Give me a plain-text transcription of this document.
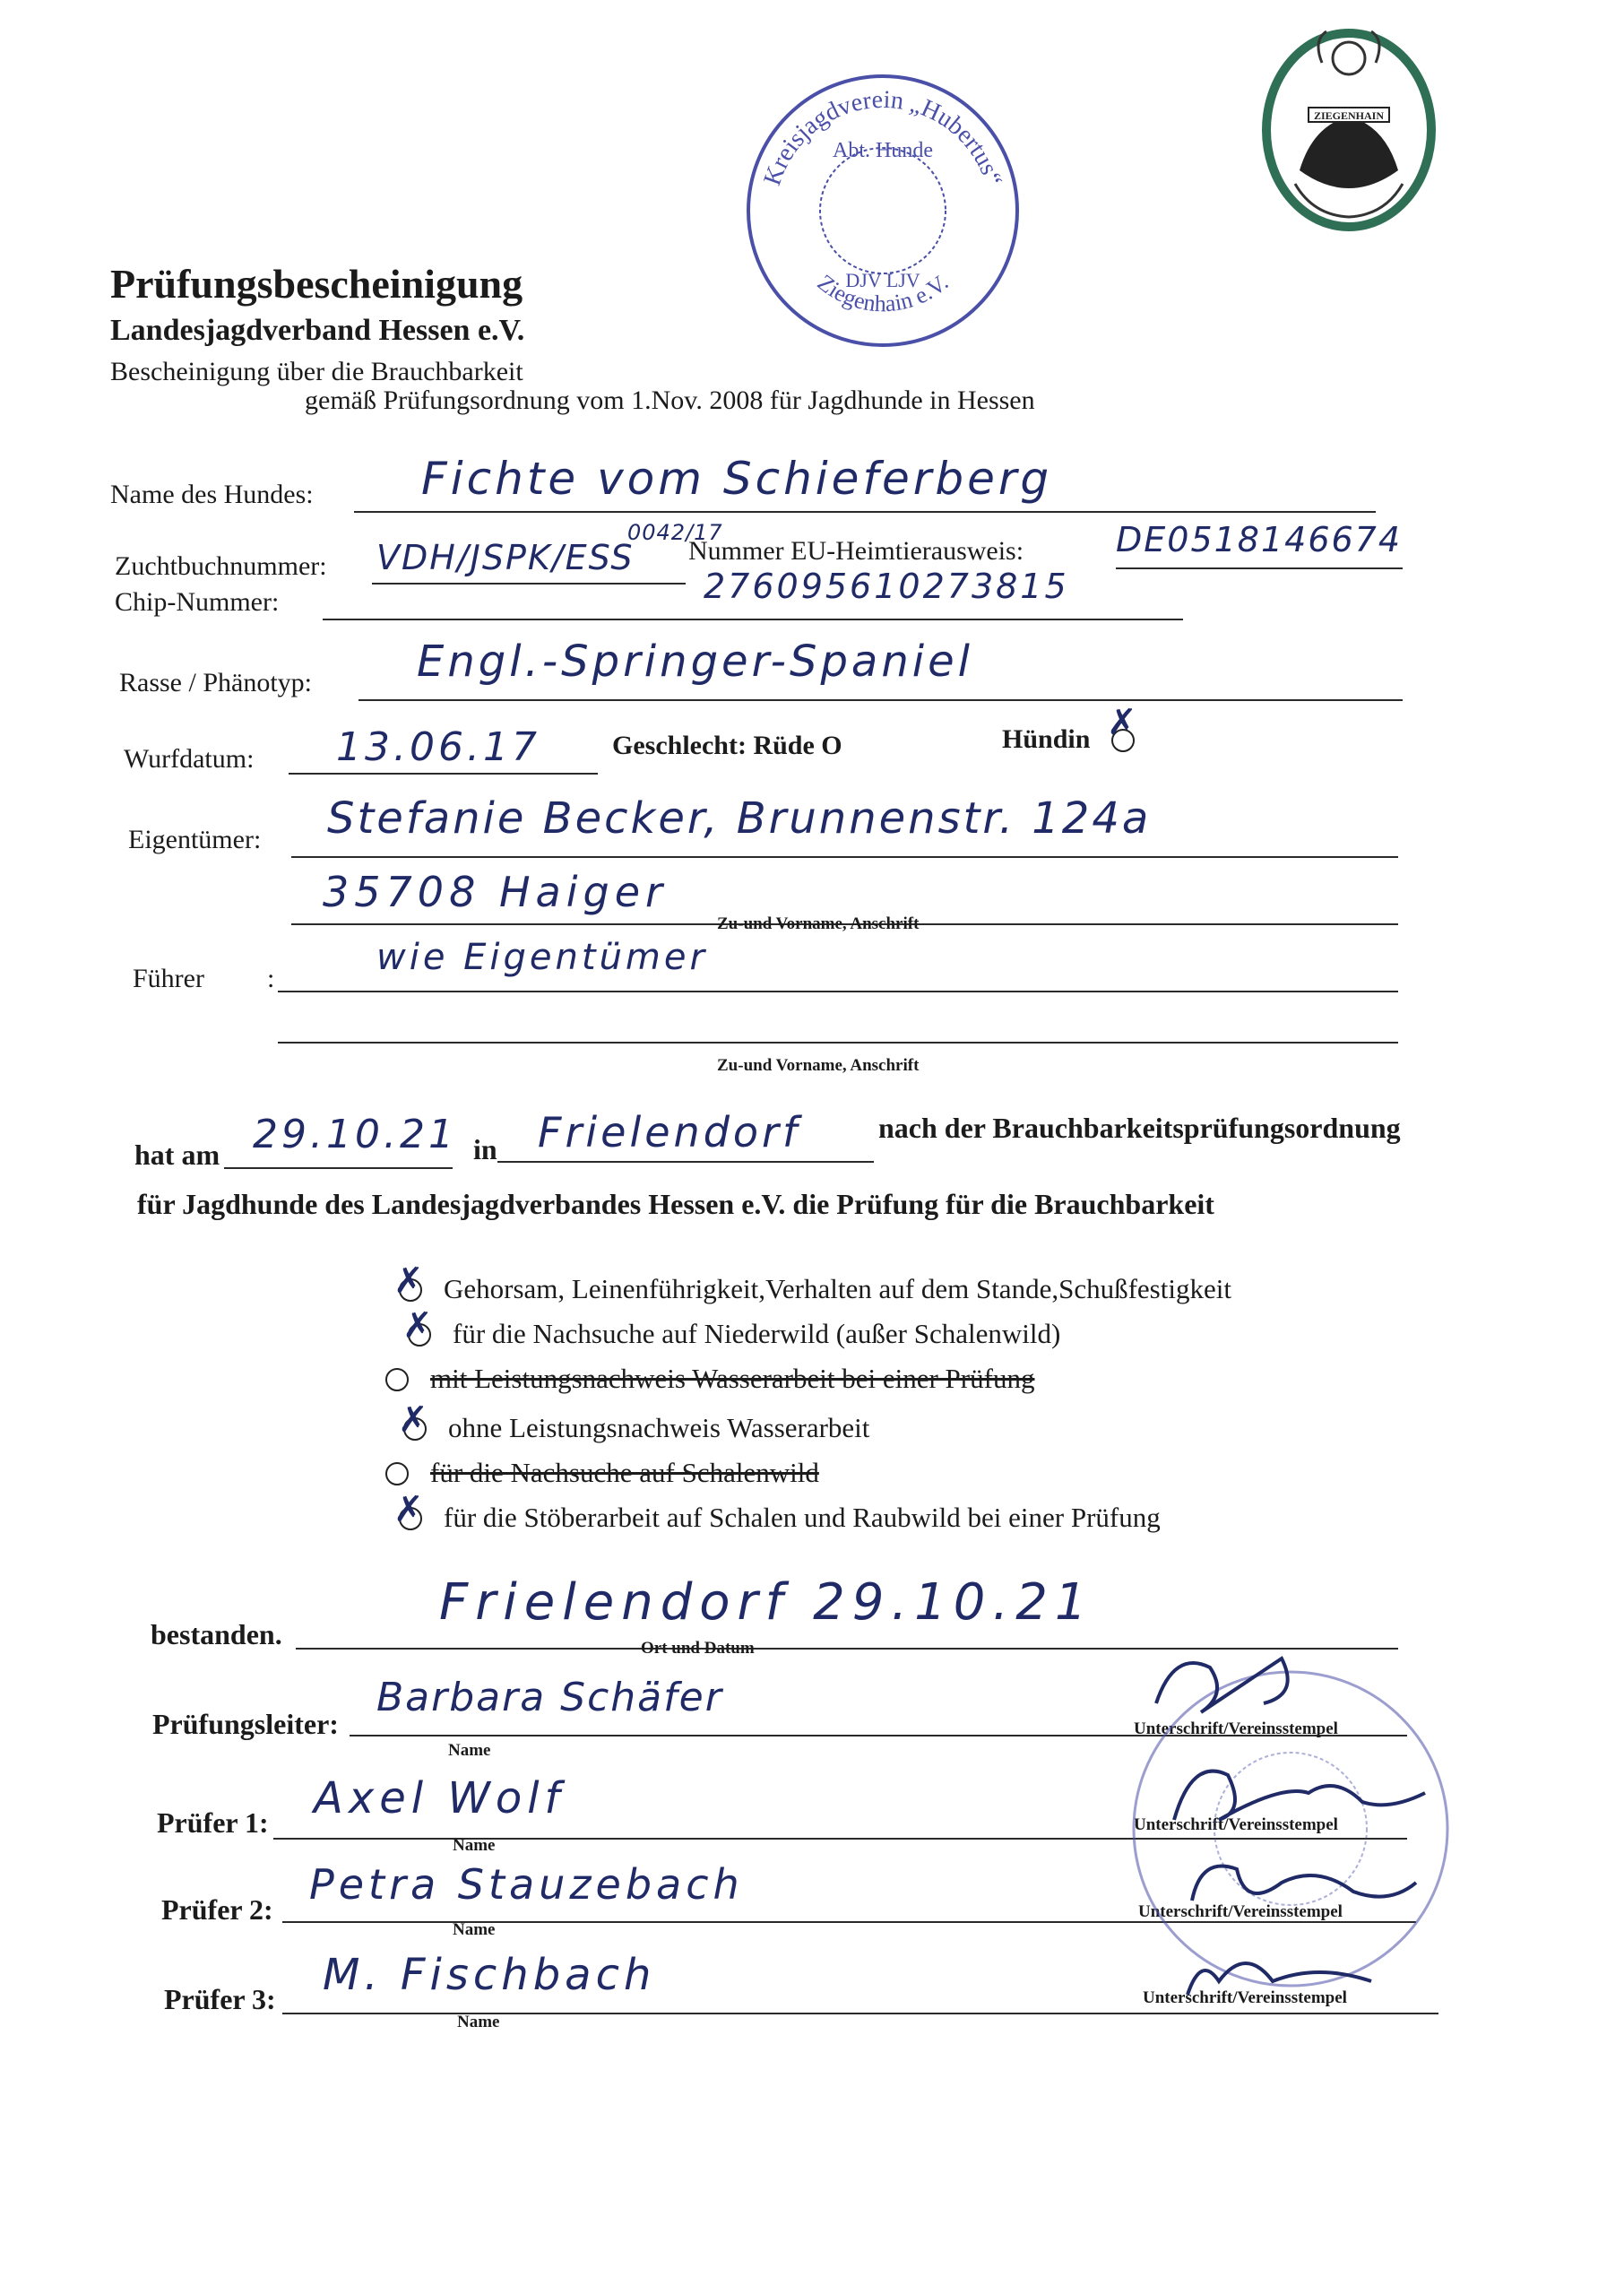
Kreisjagdverein „Hubertus“
Abt. Hunde
DJV LJV
Ziegenhain e.V.
ZIEGENHAIN
Prüfungsbescheinigung
Landesjagdverband Hessen e.V.
Bescheinigung über die Brauchbarkeit
gemäß Prüfungsordnung vom 1.Nov. 2008 für Jagdhunde in Hessen
Name des Hundes: Fichte vom Schieferberg
Zuchtbuchnummer: VDH/JSPK/ESS
0042/17
Nummer EU-Heimtierausweis:	DE0518146674
Chip-Nummer:	276095610273815
Rasse / Phänotyp: Engl.-Springer-Spaniel
Wurfdatum: 13.06.17	Geschlecht: Rüde O	Hündin ✗
Eigentümer: Stefanie Becker, Brunnenstr. 124a
35708 Haiger
Zu-und Vorname, Anschrift
Führer :
wie Eigentümer
Zu-und Vorname, Anschrift
hat am 29.10.21 in Frielendorf	nach der Brauchbarkeitsprüfungsordnung
für Jagdhunde des Landesjagdverbandes Hessen e.V. die Prüfung für die Brauchbarkeit
Gehorsam, Leinenführigkeit,Verhalten auf dem Stande,Schußfestigkeit
✗
für die Nachsuche auf Niederwild (außer Schalenwild)
✗
mit Leistungsnachweis Wasserarbeit bei einer Prüfung
ohne Leistungsnachweis Wasserarbeit
✗
für die Nachsuche auf Schalenwild
für die Stöberarbeit auf Schalen und Raubwild bei einer Prüfung
✗
bestanden.
Frielendorf 29.10.21
Ort und Datum
Prüfungsleiter:
Barbara Schäfer
Name
Unterschrift/Vereinsstempel
Prüfer 1: Axel Wolf
Name
Unterschrift/Vereinsstempel
Prüfer 2:
Petra Stauzebach
Name
Unterschrift/Vereinsstempel
Prüfer 3: M. Fischbach
Name
Unterschrift/Vereinsstempel
